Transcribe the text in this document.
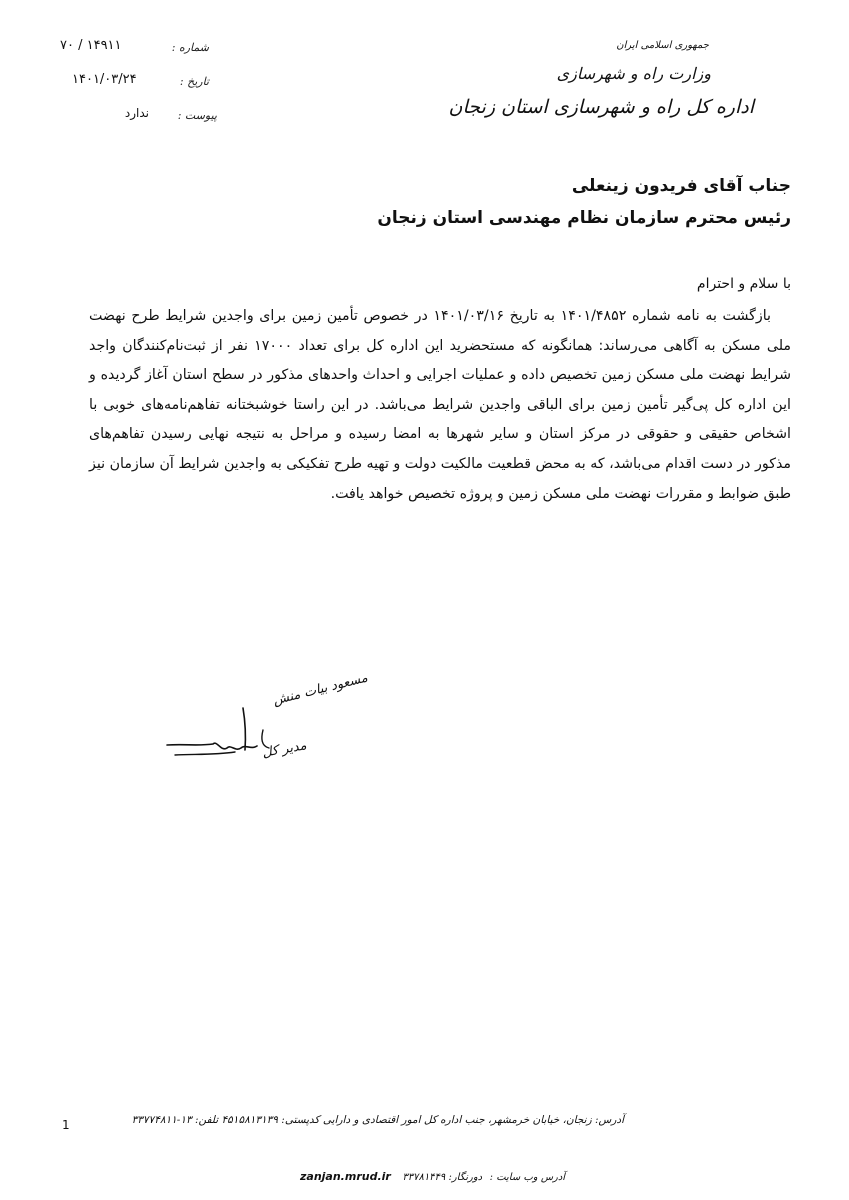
جمهوری اسلامی ایران
وزارت راه و شهرسازی
اداره کل راه و شهرسازی استان زنجان
شماره :
۷۰ / ۱۴۹۱۱
تاریخ :
۱۴۰۱/۰۳/۲۴
پیوست :
ندارد
جناب آقای فریدون زینعلی
رئیس محترم سازمان نظام مهندسی استان زنجان
با سلام و احترام
بازگشت به نامه شماره ۱۴۰۱/۴۸۵۲ به تاریخ ۱۴۰۱/۰۳/۱۶ در خصوص تأمین زمین برای واجدین شرایط طرح نهضت ملی مسکن به آگاهی می‌رساند: همانگونه که مستحضرید این اداره کل برای تعداد ۱۷۰۰۰ نفر از ثبت‌نام‌کنندگان واجد شرایط نهضت ملی مسکن زمین تخصیص داده و عملیات اجرایی و احداث واحدهای مذکور در سطح استان آغاز گردیده و این اداره کل پی‌گیر تأمین زمین برای الباقی واجدین شرایط می‌باشد. در این راستا خوشبختانه تفاهم‌نامه‌های خوبی با اشخاص حقیقی و حقوقی در مرکز استان و سایر شهرها به امضا رسیده و مراحل به نتیجه نهایی رسیدن تفاهم‌های مذکور در دست اقدام می‌باشد، که به محض قطعیت مالکیت دولت و تهیه طرح تفکیکی به واجدین شرایط آن سازمان نیز طبق ضوابط و مقررات نهضت ملی مسکن زمین و پروژه تخصیص خواهد یافت.
مسعود بیات منش
مدیر کل
1	آدرس: زنجان، خیابان خرمشهر، جنب اداره کل امور اقتصادی و دارایی کدپستی: ۴۵۱۵۸۱۳۱۳۹ تلفن: ۱۳-۳۳۷۷۴۸۱۱
zanjan.mrud.ir	آدرس وب سایت : دورنگار: ۳۳۷۸۱۴۴۹
